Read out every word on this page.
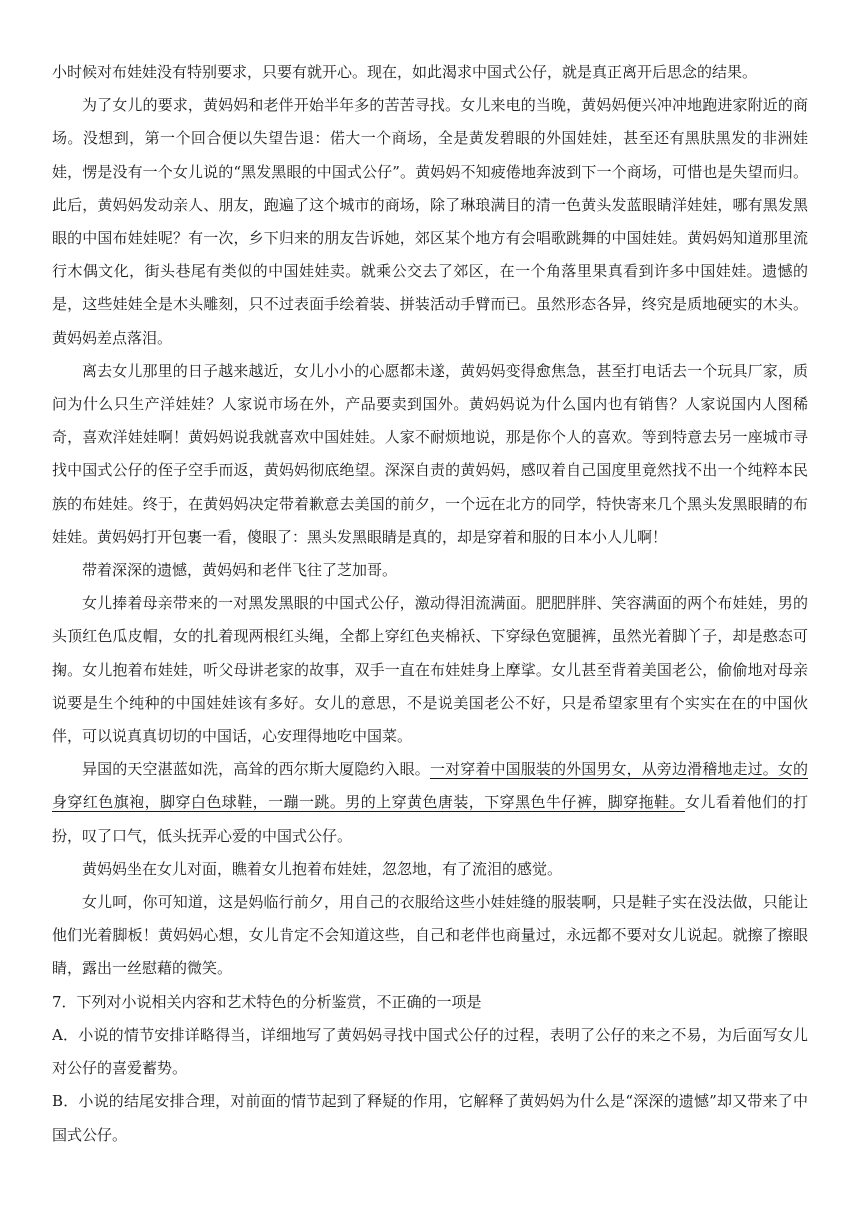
小时候对布娃娃没有特别要求，只要有就开心。现在，如此渴求中国式公仔，就是真正离开后思念的结果。

为了女儿的要求，黄妈妈和老伴开始半年多的苦苦寻找。女儿来电的当晚，黄妈妈便兴冲冲地跑进家附近的商场。没想到，第一个回合便以失望告退：偌大一个商场，全是黄发碧眼的外国娃娃，甚至还有黑肤黑发的非洲娃娃，愣是没有一个女儿说的“黑发黑眼的中国式公仔”。黄妈妈不知疲倦地奔波到下一个商场，可惜也是失望而归。此后，黄妈妈发动亲人、朋友，跑遍了这个城市的商场，除了琳琅满目的清一色黄头发蓝眼睛洋娃娃，哪有黑发黑眼的中国布娃娃呢？有一次，乡下归来的朋友告诉她，郊区某个地方有会唱歌跳舞的中国娃娃。黄妈妈知道那里流行木偶文化，街头巷尾有类似的中国娃娃卖。就乘公交去了郊区，在一个角落里果真看到许多中国娃娃。遗憾的是，这些娃娃全是木头雕刻，只不过表面手绘着装、拼装活动手臂而已。虽然形态各异，终究是质地硬实的木头。黄妈妈差点落泪。

离去女儿那里的日子越来越近，女儿小小的心愿都未遂，黄妈妈变得愈焦急，甚至打电话去一个玩具厂家，质问为什么只生产洋娃娃？人家说市场在外，产品要卖到国外。黄妈妈说为什么国内也有销售？人家说国内人图稀奇，喜欢洋娃娃啊！黄妈妈说我就喜欢中国娃娃。人家不耐烦地说，那是你个人的喜欢。等到特意去另一座城市寻找中国式公仔的侄子空手而返，黄妈妈彻底绝望。深深自责的黄妈妈，感叹着自己国度里竟然找不出一个纯粹本民族的布娃娃。终于，在黄妈妈决定带着歉意去美国的前夕，一个远在北方的同学，特快寄来几个黑头发黑眼睛的布娃娃。黄妈妈打开包裹一看，傻眼了：黑头发黑眼睛是真的，却是穿着和服的日本小人儿啊！

带着深深的遗憾，黄妈妈和老伴飞往了芝加哥。

女儿捧着母亲带来的一对黑发黑眼的中国式公仔，激动得泪流满面。肥肥胖胖、笑容满面的两个布娃娃，男的头顶红色瓜皮帽，女的扎着现两根红头绳，全都上穿红色夹棉袄、下穿绿色宽腿裤，虽然光着脚丫子，却是憨态可掬。女儿抱着布娃娃，听父母讲老家的故事，双手一直在布娃娃身上摩挲。女儿甚至背着美国老公，偷偷地对母亲说要是生个纯种的中国娃娃该有多好。女儿的意思，不是说美国老公不好，只是希望家里有个实实在在的中国伙伴，可以说真真切切的中国话，心安理得地吃中国菜。

异国的天空湛蓝如洗，高耸的西尔斯大厦隐约入眼。一对穿着中国服装的外国男女，从旁边滑稽地走过。女的身穿红色旗袍，脚穿白色球鞋，一蹦一跳。男的上穿黄色唐装，下穿黑色牛仔裤，脚穿拖鞋。女儿看着他们的打扮，叹了口气，低头抚弄心爱的中国式公仔。

黄妈妈坐在女儿对面，瞧着女儿抱着布娃娃，忽忽地，有了流泪的感觉。

女儿呵，你可知道，这是妈临行前夕，用自己的衣服给这些小娃娃缝的服装啊，只是鞋子实在没法做，只能让他们光着脚板！黄妈妈心想，女儿肯定不会知道这些，自己和老伴也商量过，永远都不要对女儿说起。就擦了擦眼睛，露出一丝慰藉的微笑。

7．下列对小说相关内容和艺术特色的分析鉴赏，不正确的一项是

A．小说的情节安排详略得当，详细地写了黄妈妈寻找中国式公仔的过程，表明了公仔的来之不易，为后面写女儿对公仔的喜爱蓄势。

B．小说的结尾安排合理，对前面的情节起到了释疑的作用，它解释了黄妈妈为什么是“深深的遗憾”却又带来了中国式公仔。
